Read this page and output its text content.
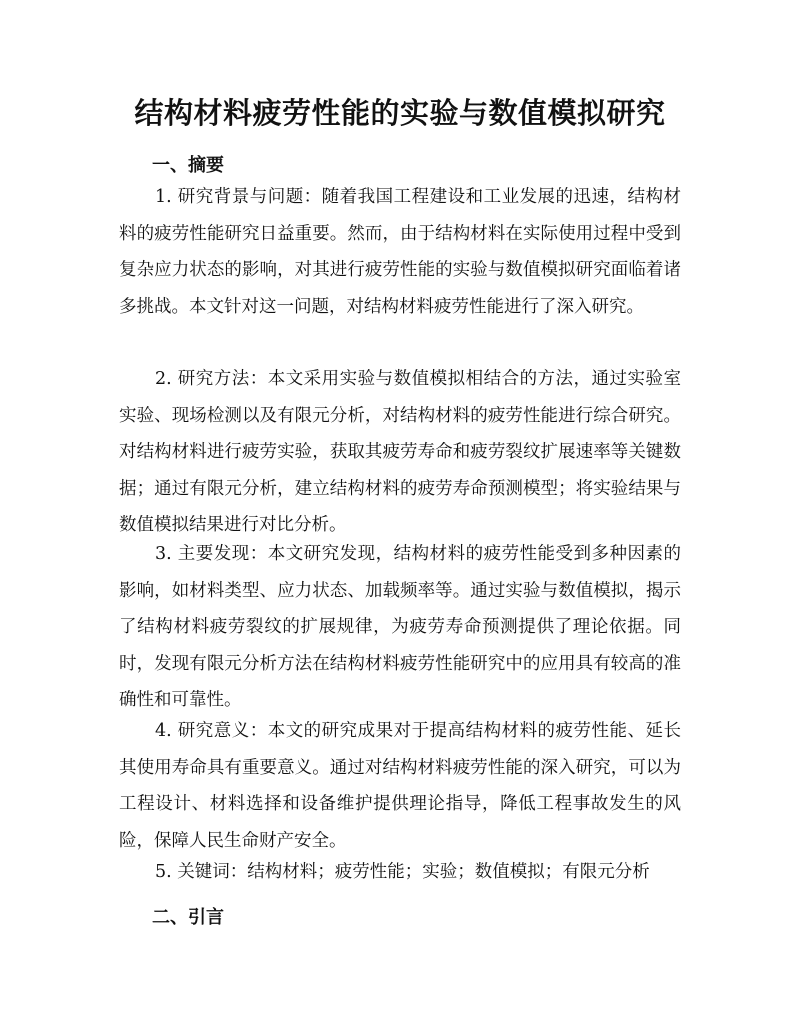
结构材料疲劳性能的实验与数值模拟研究
一、摘要
1. 研究背景与问题：随着我国工程建设和工业发展的迅速，结构材料的疲劳性能研究日益重要。然而，由于结构材料在实际使用过程中受到复杂应力状态的影响，对其进行疲劳性能的实验与数值模拟研究面临着诸多挑战。本文针对这一问题，对结构材料疲劳性能进行了深入研究。
2. 研究方法：本文采用实验与数值模拟相结合的方法，通过实验室实验、现场检测以及有限元分析，对结构材料的疲劳性能进行综合研究。对结构材料进行疲劳实验，获取其疲劳寿命和疲劳裂纹扩展速率等关键数据；通过有限元分析，建立结构材料的疲劳寿命预测模型；将实验结果与数值模拟结果进行对比分析。
3. 主要发现：本文研究发现，结构材料的疲劳性能受到多种因素的影响，如材料类型、应力状态、加载频率等。通过实验与数值模拟，揭示了结构材料疲劳裂纹的扩展规律，为疲劳寿命预测提供了理论依据。同时，发现有限元分析方法在结构材料疲劳性能研究中的应用具有较高的准确性和可靠性。
4. 研究意义：本文的研究成果对于提高结构材料的疲劳性能、延长其使用寿命具有重要意义。通过对结构材料疲劳性能的深入研究，可以为工程设计、材料选择和设备维护提供理论指导，降低工程事故发生的风险，保障人民生命财产安全。
5. 关键词：结构材料；疲劳性能；实验；数值模拟；有限元分析
二、引言
